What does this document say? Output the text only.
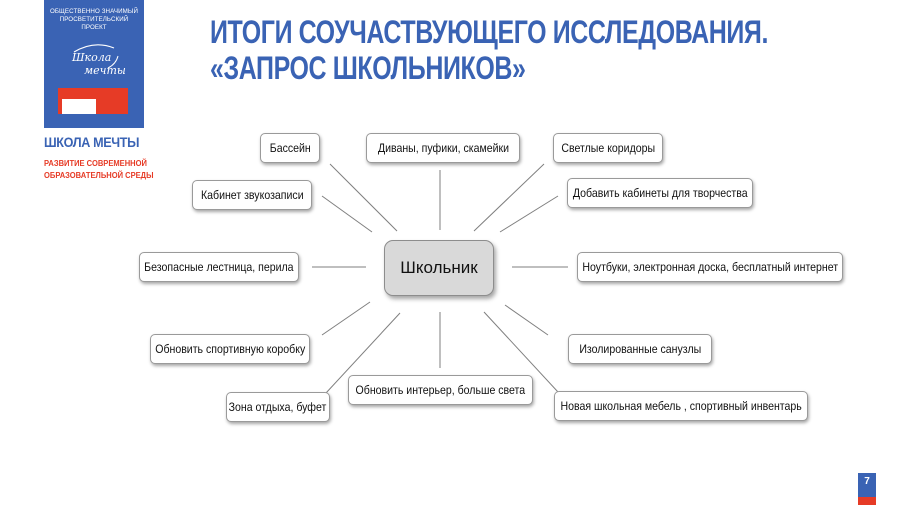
ОБЩЕСТВЕННО ЗНАЧИМЫЙ ПРОСВЕТИТЕЛЬСКИЙ ПРОЕКТ
Школа
мечты
ШКОЛА МЕЧТЫ
РАЗВИТИЕ СОВРЕМЕННОЙ
ОБРАЗОВАТЕЛЬНОЙ СРЕДЫ
ИТОГИ СОУЧАСТВУЮЩЕГО ИССЛЕДОВАНИЯ.
«ЗАПРОС ШКОЛЬНИКОВ»
Школьник
Бассейн	Диваны, пуфики, скамейки	Светлые коридоры
Кабинет звукозаписи	Добавить кабинеты для творчества
Безопасные лестница, перила	Ноутбуки, электронная доска, бесплатный интернет
Обновить спортивную коробку	Изолированные санузлы
Обновить интерьер, больше света
Зона отдыха, буфет	Новая школьная мебель , спортивный инвентарь
7
